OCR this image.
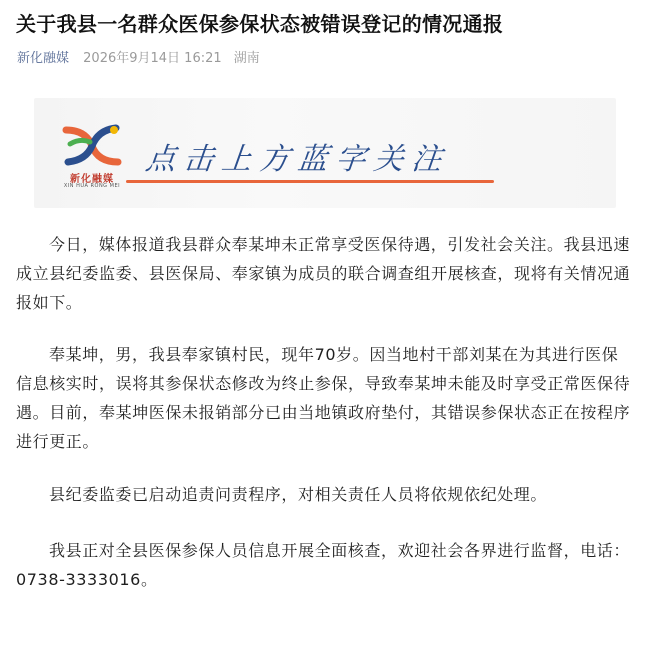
关于我县一名群众医保参保状态被错误登记的情况通报
新化融媒 2026年9月14日 16:21 湖南
新化融媒
XIN HUA RONG MEI
点击上方蓝字关注

今日，媒体报道我县群众奉某坤未正常享受医保待遇，引发社会关注。我县迅速成立县纪委监委、县医保局、奉家镇为成员的联合调查组开展核查，现将有关情况通报如下。

奉某坤，男，我县奉家镇村民，现年70岁。因当地村干部刘某在为其进行医保信息核实时，误将其参保状态修改为终止参保，导致奉某坤未能及时享受正常医保待遇。目前，奉某坤医保未报销部分已由当地镇政府垫付，其错误参保状态正在按程序进行更正。

县纪委监委已启动追责问责程序，对相关责任人员将依规依纪处理。

我县正对全县医保参保人员信息开展全面核查，欢迎社会各界进行监督，电话：0738-3333016。
